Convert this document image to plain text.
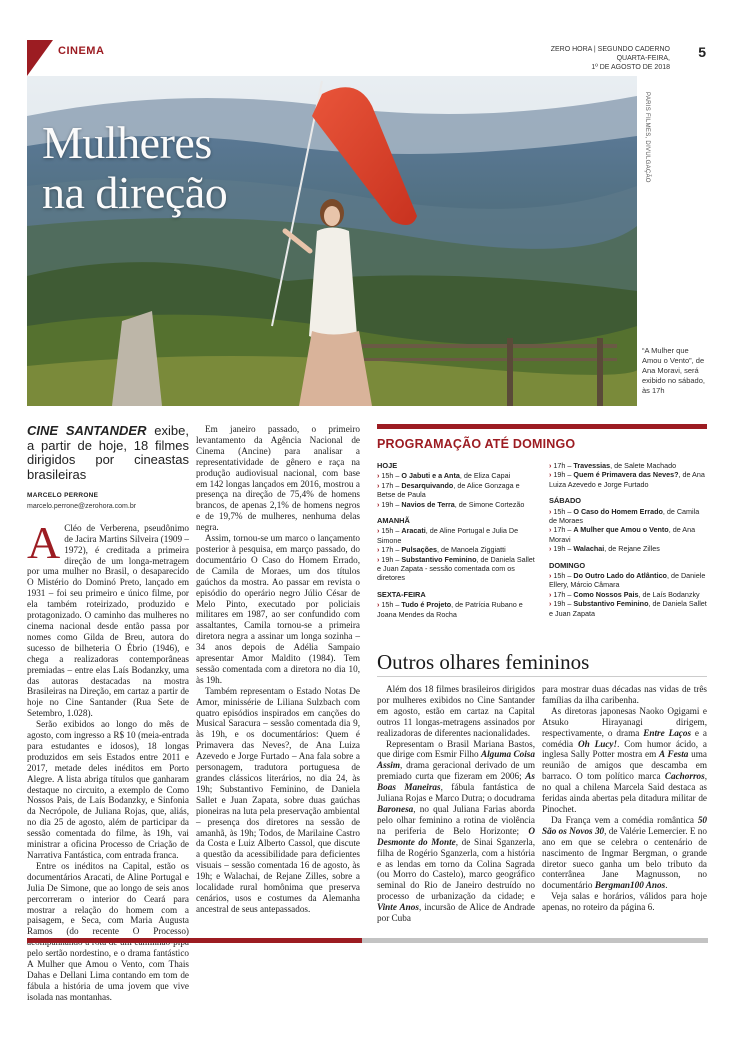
CINEMA	ZERO HORA | SEGUNDO CADERNO
QUARTA-FEIRA,
1º DE AGOSTO DE 2018
5
Mulheres
na direção
PARIS FILMES, DIVULGAÇÃO
“A Mulher que Amou o Vento”, de Ana Moravi, será exibido no sábado, às 17h
CINE SANTANDER exibe, a partir de hoje, 18 filmes dirigidos por cineastas brasileiras
MARCELO PERRONE
marcelo.perrone@zerohora.com.br

A Cléo de Verberena, pseudônimo de Jacira Martins Silveira (1909 – 1972), é creditada a primeira direção de um longa-metragem por uma mulher no Brasil, o desaparecido O Mistério do Dominó Preto, lançado em 1931 – foi seu primeiro e único filme, por ela também roteirizado, produzido e protagonizado. O caminho das mulheres no cinema nacional desde então passa por nomes como Gilda de Breu, autora do sucesso de bilheteria O Ébrio (1946), e chega a realizadoras contemporâneas premiadas – entre elas Laís Bodanzky, uma das autoras destacadas na mostra Brasileiras na Direção, em cartaz a partir de hoje no Cine Santander (Rua Sete de Setembro, 1.028).

Serão exibidos ao longo do mês de agosto, com ingresso a R$ 10 (meia-entrada para estudantes e idosos), 18 longas produzidos em seis Estados entre 2011 e 2017, metade deles inéditos em Porto Alegre. A lista abriga títulos que ganharam destaque no circuito, a exemplo de Como Nossos Pais, de Laís Bodanzky, e Sinfonia da Necrópole, de Juliana Rojas, que, aliás, no dia 25 de agosto, além de participar da sessão comentada do filme, às 19h, vai ministrar a oficina Processo de Criação de Narrativa Fantástica, com entrada franca.

Entre os inéditos na Capital, estão os documentários Aracati, de Aline Portugal e Julia De Simone, que ao longo de seis anos percorreram o interior do Ceará para mostrar a relação do homem com a paisagem, e Seca, com Maria Augusta Ramos (do recente O Processo) pelo sertão nordestino, e o drama fantástico A Mulher que Amou o Vento, com Thais Dahas e Dellani Lima contando em tom de fábula a história de uma jovem que vive isolada nas montanhas.

Em janeiro passado, o primeiro levantamento da Agência Nacional de Cinema (Ancine) para analisar a representatividade de gênero e raça na produção audiovisual nacional, com base em 142 longas lançados em 2016, mostrou a presença na direção de 75,4% de homens brancos, de apenas 2,1% de homens negros e de 19,7% de mulheres, nenhuma delas negra.

Assim, tornou-se um marco o lançamento posterior à pesquisa, em março passado, do documentário O Caso do Homem Errado, de Camila de Moraes, um dos títulos gaúchos da mostra. Ao passar em revista o episódio do operário negro Júlio César de Melo Pinto, executado por policiais militares em 1987, ao ser confundido com assaltantes, Camila tornou-se a primeira diretora negra a assinar um longa sozinha – 34 anos depois de Adélia Sampaio apresentar Amor Maldito (1984). Tem sessão comentada com a diretora no dia 10, às 19h.

Também representam o Estado Notas De Amor, minissérie de Liliana Sulzbach com quatro episódios inspirados em canções do Musical Saracura – sessão comentada dia 9, às 19h, e os documentários: Quem é Primavera das Neves?, de Ana Luiza Azevedo e Jorge Furtado – Ana fala sobre a personagem, tradutora portuguesa de grandes clássicos literários, no dia 24, às 19h; Substantivo Feminino, de Daniela Sallet e Juan Zapata, sobre duas gaúchas pioneiras na luta pela preservação ambiental – presença dos diretores na sessão de amanhã, às 19h; Todos, de Marilaine Castro da Costa e Luiz Alberto Cassol, que discute a questão da acessibilidade para deficientes visuais – sessão comentada 16 de agosto, às 19h; e Walachai, de Rejane Zilles, sobre a localidade rural homônima que preserva cenários, usos e costumes da Alemanha ancestral de seus antepassados.

PROGRAMAÇÃO ATÉ DOMINGO
HOJE
› 15h – O Jabuti e a Anta, de Eliza Capai
› 17h – Desarquivando, de Alice Gonzaga e Betse de Paula
› 19h – Navios de Terra, de Simone Cortezão
AMANHÃ
› 15h – Aracati, de Aline Portugal e Julia De Simone
› 17h – Pulsações, de Manoela Ziggiatti
› 19h – Substantivo Feminino, de Daniela Sallet e Juan Zapata - sessão comentada com os diretores
SEXTA-FEIRA
› 15h – Tudo é Projeto, de Patrícia Rubano e Joana Mendes da Rocha
› 17h – Travessias, de Salete Machado
› 19h – Quem é Primavera das Neves?, de Ana Luiza Azevedo e Jorge Furtado
SÁBADO
› 15h – O Caso do Homem Errado, de Camila de Moraes
› 17h – A Mulher que Amou o Vento, de Ana Moravi
› 19h – Walachai, de Rejane Zilles
DOMINGO
› 15h – Do Outro Lado do Atlântico, de Daniele Ellery, Márcio Câmara
› 17h – Como Nossos Pais, de Laís Bodanzky
› 19h – Substantivo Feminino, de Daniela Sallet e Juan Zapata
Outros olhares femininos

Além dos 18 filmes brasileiros dirigidos por mulheres exibidos no Cine Santander em agosto, estão em cartaz na Capital outros 11 longas-metragens assinados por realizadoras de diferentes nacionalidades.

Representam o Brasil Mariana Bastos, que dirige com Esmir Filho Alguma Coisa Assim, drama geracional derivado de um premiado curta que fizeram em 2006; As Boas Maneiras, fábula fantástica de Juliana Rojas e Marco Dutra; o docudrama Baronesa, no qual Juliana Farias aborda pelo olhar feminino a rotina de violência na periferia de Belo Horizonte; O Desmonte do Monte, de Sinai Sganzerla, filha de Rogério Sganzerla, com a história e as lendas em torno da Colina Sagrada (ou Morro do Castelo), marco geográfico seminal do Rio de Janeiro destruído no processo de urbanização da cidade; e Vinte Anos, incursão de Alice de Andrade por Cuba

para mostrar duas décadas nas vidas de três famílias da ilha caribenha.

As diretoras japonesas Naoko Ogigami e Atsuko Hirayanagi dirigem, respectivamente, o drama Entre Laços e a comédia Oh Lucy!. Com humor ácido, a inglesa Sally Potter mostra em A Festa uma reunião de amigos que descamba em barraco. O tom político marca Cachorros, no qual a chilena Marcela Said destaca as feridas ainda abertas pela ditadura militar de Pinochet.

Da França vem a comédia romântica 50 São os Novos 30, de Valérie Lemercier. E no ano em que se celebra o centenário de nascimento de Ingmar Bergman, o grande diretor sueco ganha um belo tributo da conterrânea Jane Magnusson, no documentário Bergman100 Anos.

Veja salas e horários, válidos para hoje apenas, no roteiro da página 6.
